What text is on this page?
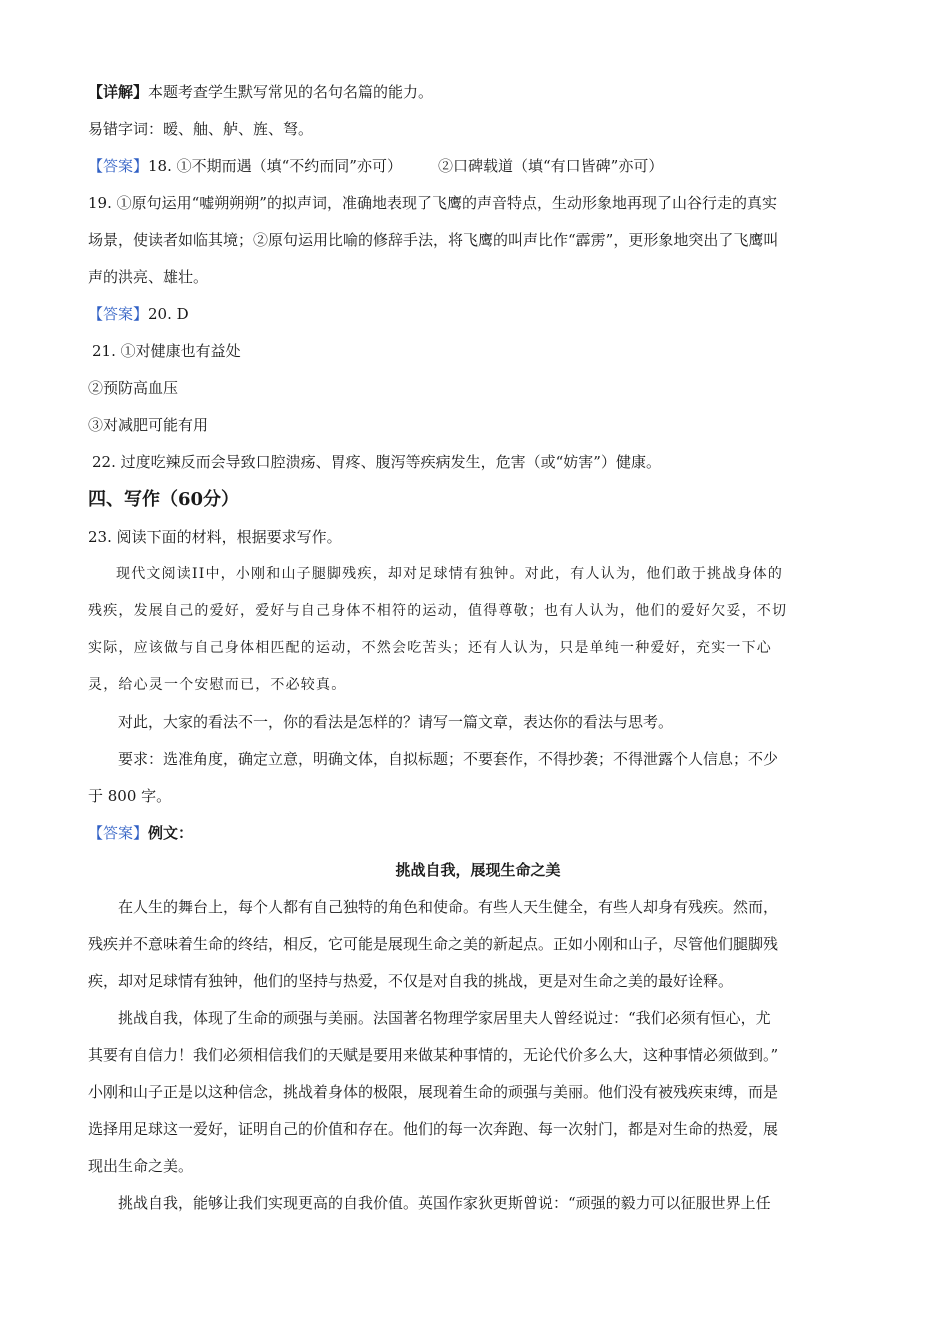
【详解】本题考查学生默写常见的名句名篇的能力。
易错字词：暧、舳、舻、旌、弩。
【答案】18. ①不期而遇（填“不约而同”亦可） ②口碑载道（填“有口皆碑”亦可）
19. ①原句运用“嘘朔朔朔”的拟声词，准确地表现了飞鹰的声音特点，生动形象地再现了山谷行走的真实
场景，使读者如临其境；②原句运用比喻的修辞手法，将飞鹰的叫声比作“霹雳”，更形象地突出了飞鹰叫
声的洪亮、雄壮。
【答案】20. D
21. ①对健康也有益处
②预防高血压
③对减肥可能有用
22. 过度吃辣反而会导致口腔溃疡、胃疼、腹泻等疾病发生，危害（或“妨害”）健康。
四、写作（60分）
23. 阅读下面的材料，根据要求写作。
现代文阅读II中，小刚和山子腿脚残疾，却对足球情有独钟。对此，有人认为，他们敢于挑战身体的
残疾，发展自己的爱好，爱好与自己身体不相符的运动，值得尊敬；也有人认为，他们的爱好欠妥，不切
实际，应该做与自己身体相匹配的运动，不然会吃苦头；还有人认为，只是单纯一种爱好，充实一下心
灵，给心灵一个安慰而已，不必较真。
对此，大家的看法不一，你的看法是怎样的？请写一篇文章，表达你的看法与思考。
要求：选准角度，确定立意，明确文体，自拟标题；不要套作，不得抄袭；不得泄露个人信息；不少
于 800 字。
【答案】例文：
挑战自我，展现生命之美
在人生的舞台上，每个人都有自己独特的角色和使命。有些人天生健全，有些人却身有残疾。然而，
残疾并不意味着生命的终结，相反，它可能是展现生命之美的新起点。正如小刚和山子，尽管他们腿脚残
疾，却对足球情有独钟，他们的坚持与热爱，不仅是对自我的挑战，更是对生命之美的最好诠释。
挑战自我，体现了生命的顽强与美丽。法国著名物理学家居里夫人曾经说过：“我们必须有恒心，尤
其要有自信力！我们必须相信我们的天赋是要用来做某种事情的，无论代价多么大，这种事情必须做到。”
小刚和山子正是以这种信念，挑战着身体的极限，展现着生命的顽强与美丽。他们没有被残疾束缚，而是
选择用足球这一爱好，证明自己的价值和存在。他们的每一次奔跑、每一次射门，都是对生命的热爱，展
现出生命之美。
挑战自我，能够让我们实现更高的自我价值。英国作家狄更斯曾说：“顽强的毅力可以征服世界上任
